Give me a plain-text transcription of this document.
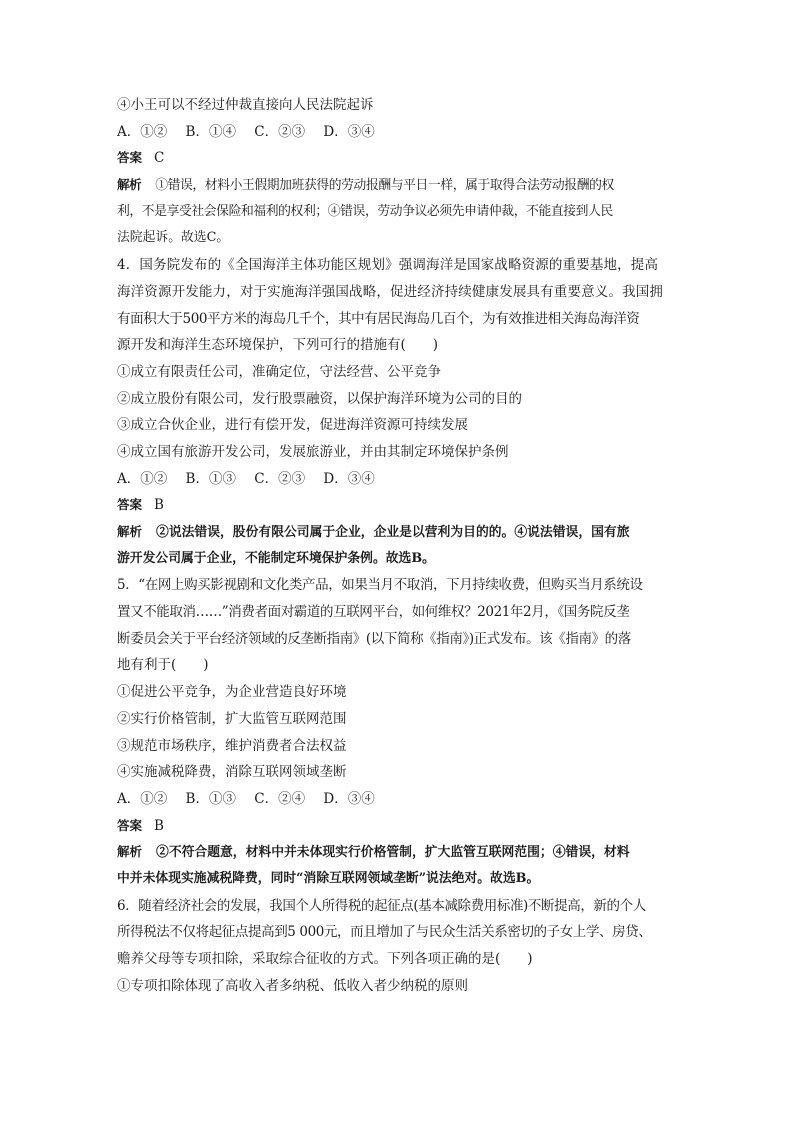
④小王可以不经过仲裁直接向人民法院起诉
A．①② B．①④ C．②③ D．③④
答案 C
解析 ①错误，材料小王假期加班获得的劳动报酬与平日一样，属于取得合法劳动报酬的权
利，不是享受社会保险和福利的权利；④错误，劳动争议必须先申请仲裁，不能直接到人民
法院起诉。故选C。
4．国务院发布的《全国海洋主体功能区规划》强调海洋是国家战略资源的重要基地，提高
海洋资源开发能力，对于实施海洋强国战略，促进经济持续健康发展具有重要意义。我国拥
有面积大于500平方米的海岛几千个，其中有居民海岛几百个，为有效推进相关海岛海洋资
源开发和海洋生态环境保护，下列可行的措施有(　　)
①成立有限责任公司，准确定位，守法经营、公平竞争
②成立股份有限公司，发行股票融资，以保护海洋环境为公司的目的
③成立合伙企业，进行有偿开发，促进海洋资源可持续发展
④成立国有旅游开发公司，发展旅游业，并由其制定环境保护条例
A．①② B．①③ C．②③ D．③④
答案 B
解析 ②说法错误，股份有限公司属于企业，企业是以营利为目的的。④说法错误，国有旅
游开发公司属于企业，不能制定环境保护条例。故选B。
5．“在网上购买影视剧和文化类产品，如果当月不取消，下月持续收费，但购买当月系统设
置又不能取消……”消费者面对霸道的互联网平台，如何维权？2021年2月，《国务院反垄
断委员会关于平台经济领域的反垄断指南》(以下简称《指南》)正式发布。该《指南》的落
地有利于(　　)
①促进公平竞争，为企业营造良好环境
②实行价格管制，扩大监管互联网范围
③规范市场秩序，维护消费者合法权益
④实施减税降费，消除互联网领域垄断
A．①② B．①③ C．②④ D．③④
答案 B
解析 ②不符合题意，材料中并未体现实行价格管制，扩大监管互联网范围；④错误，材料
中并未体现实施减税降费，同时“消除互联网领域垄断”说法绝对。故选B。
6．随着经济社会的发展，我国个人所得税的起征点(基本减除费用标准)不断提高，新的个人
所得税法不仅将起征点提高到5 000元，而且增加了与民众生活关系密切的子女上学、房贷、
赡养父母等专项扣除，采取综合征收的方式。下列各项正确的是(　　)
①专项扣除体现了高收入者多纳税、低收入者少纳税的原则
